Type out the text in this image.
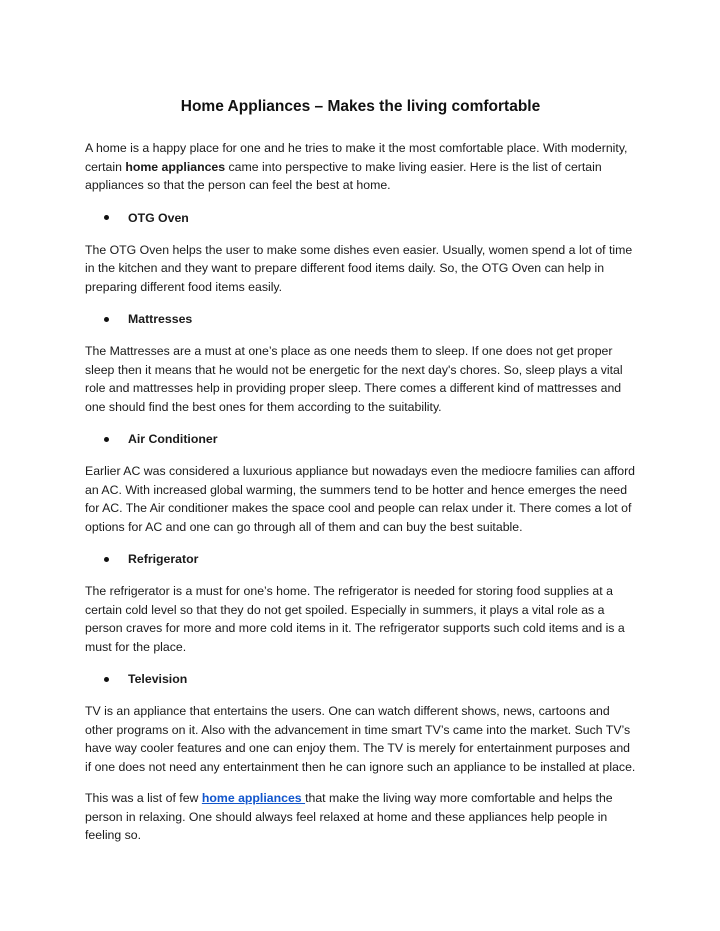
Home Appliances – Makes the living comfortable

A home is a happy place for one and he tries to make it the most comfortable place. With modernity, certain home appliances came into perspective to make living easier. Here is the list of certain appliances so that the person can feel the best at home.

OTG Oven

The OTG Oven helps the user to make some dishes even easier. Usually, women spend a lot of time in the kitchen and they want to prepare different food items daily. So, the OTG Oven can help in preparing different food items easily.

Mattresses

The Mattresses are a must at one’s place as one needs them to sleep. If one does not get proper sleep then it means that he would not be energetic for the next day's chores. So, sleep plays a vital role and mattresses help in providing proper sleep. There comes a different kind of mattresses and one should find the best ones for them according to the suitability.

Air Conditioner

Earlier AC was considered a luxurious appliance but nowadays even the mediocre families can afford an AC. With increased global warming, the summers tend to be hotter and hence emerges the need for AC. The Air conditioner makes the space cool and people can relax under it. There comes a lot of options for AC and one can go through all of them and can buy the best suitable.

Refrigerator

The refrigerator is a must for one’s home. The refrigerator is needed for storing food supplies at a certain cold level so that they do not get spoiled. Especially in summers, it plays a vital role as a person craves for more and more cold items in it. The refrigerator supports such cold items and is a must for the place.

Television

TV is an appliance that entertains the users. One can watch different shows, news, cartoons and other programs on it. Also with the advancement in time smart TV’s came into the market. Such TV’s have way cooler features and one can enjoy them. The TV is merely for entertainment purposes and if one does not need any entertainment then he can ignore such an appliance to be installed at place.

This was a list of few home appliances that make the living way more comfortable and helps the person in relaxing. One should always feel relaxed at home and these appliances help people in feeling so.
